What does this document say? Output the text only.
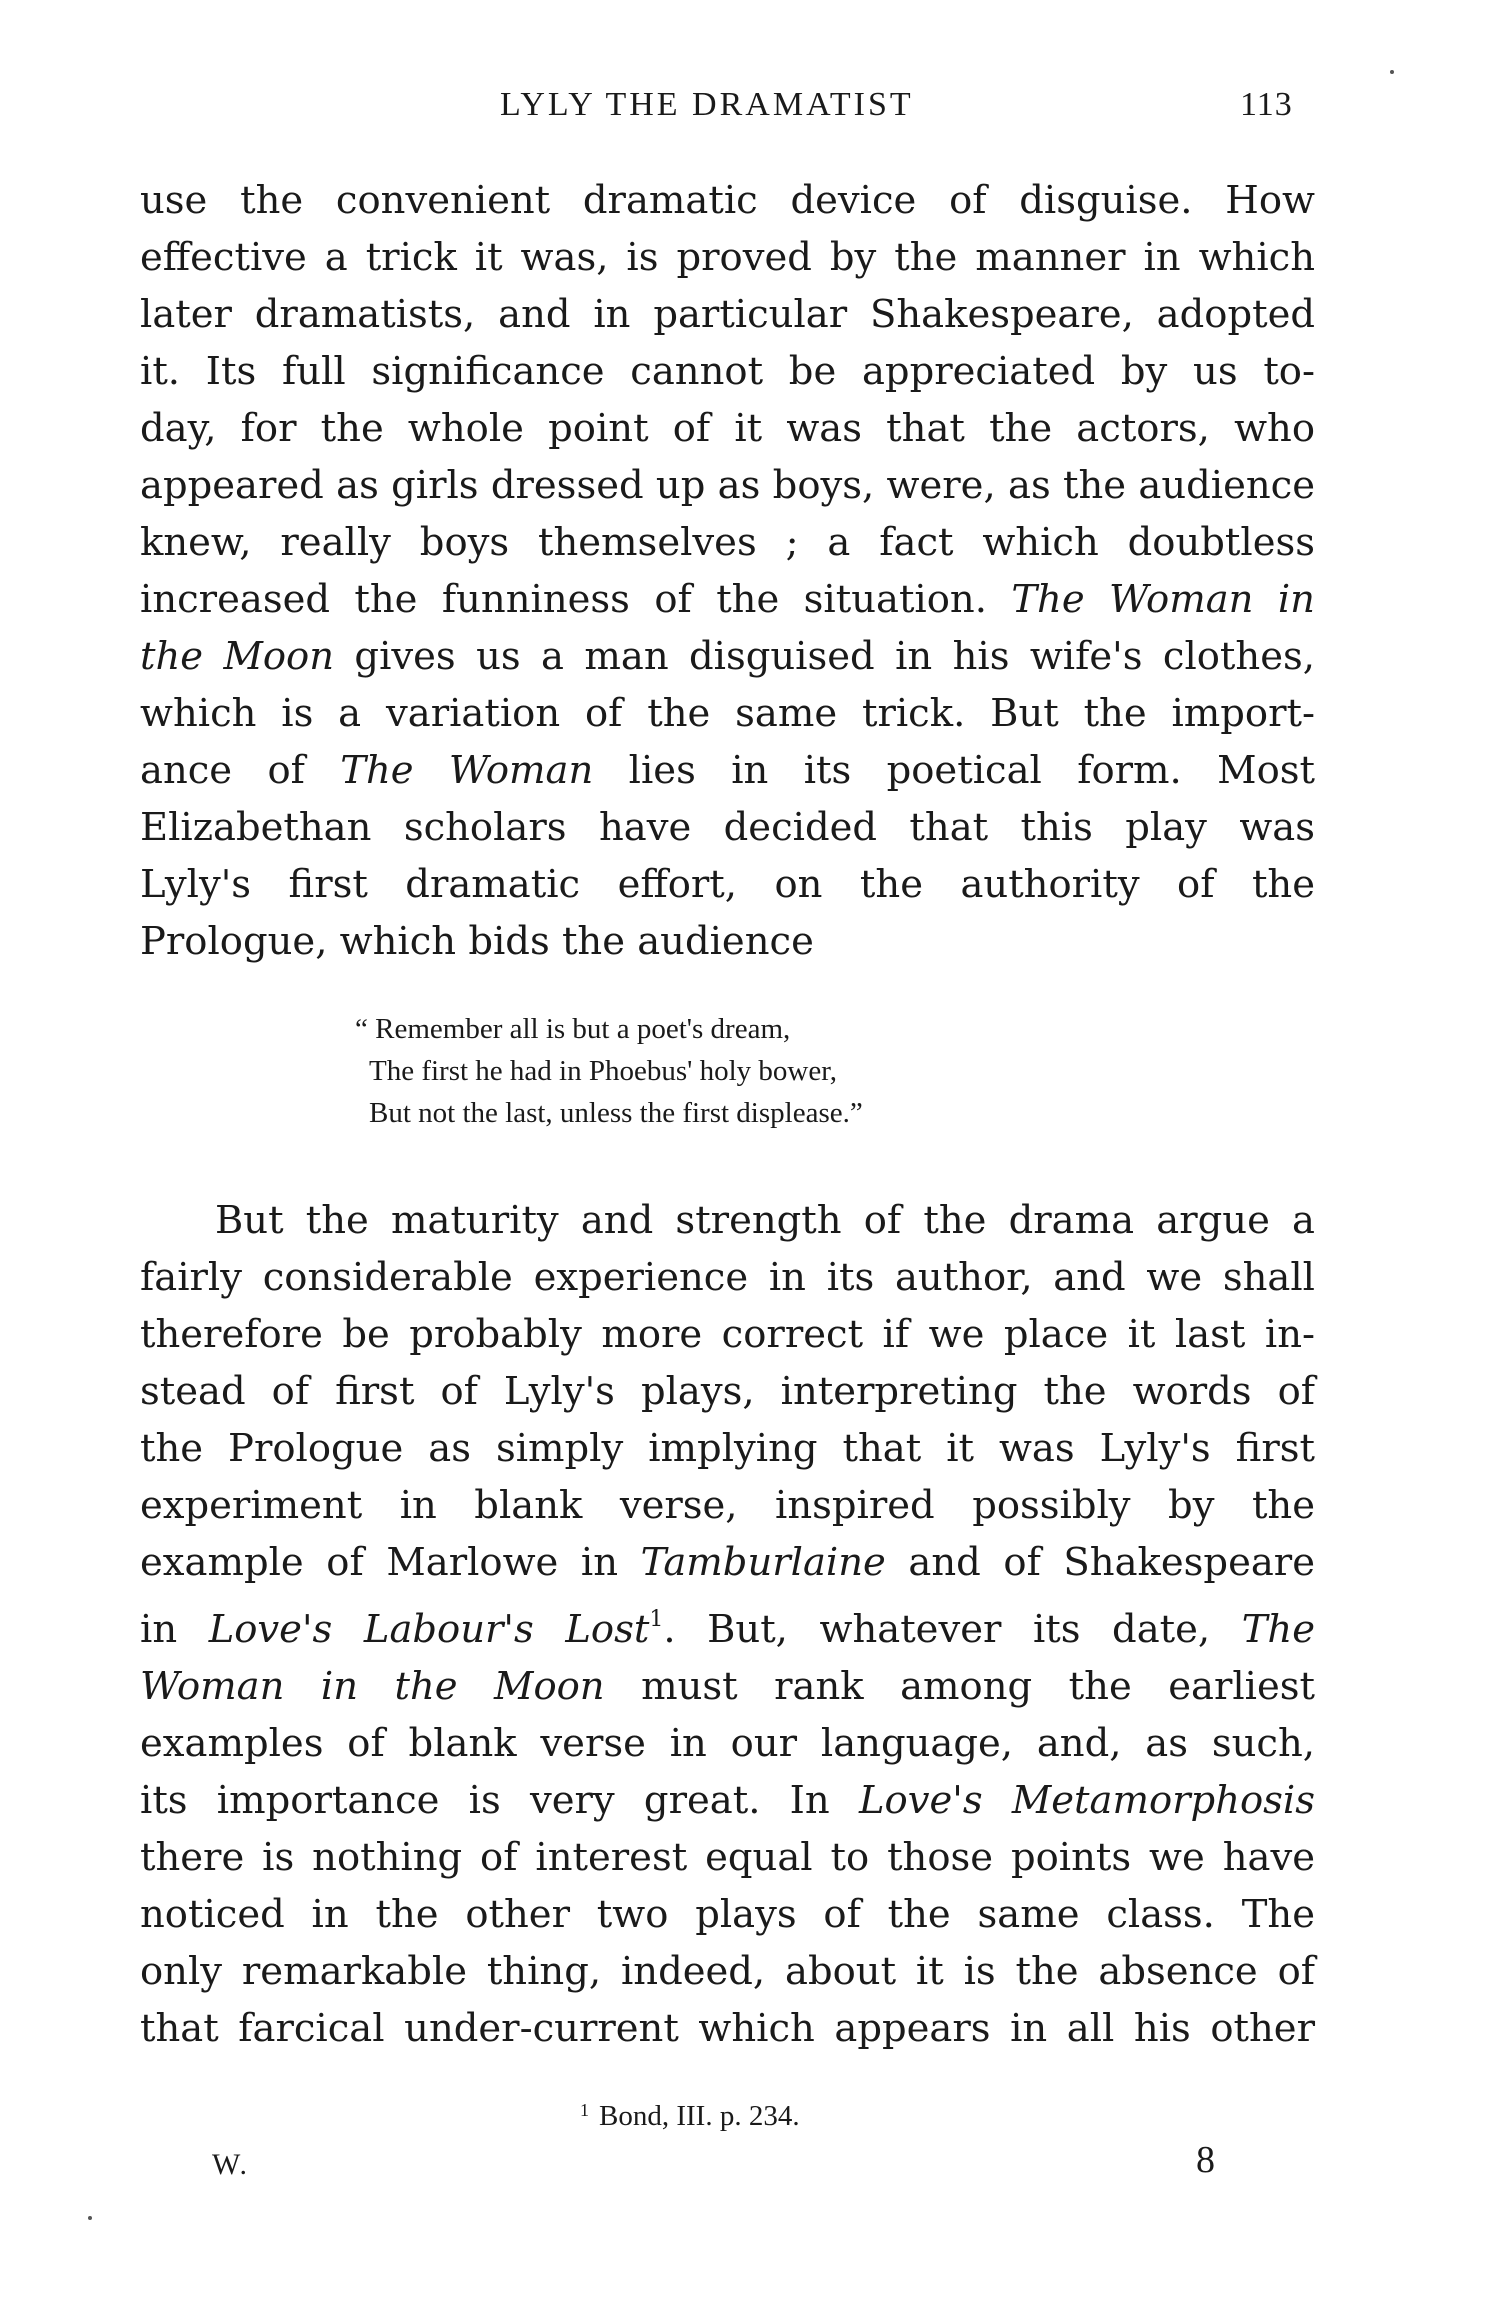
LYLY THE DRAMATIST	113
use the convenient dramatic device of disguise. How
effective a trick it was, is proved by the manner in which
later dramatists, and in particular Shakespeare, adopted
it. Its full significance cannot be appreciated by us to-
day, for the whole point of it was that the actors, who
appeared as girls dressed up as boys, were, as the audience
knew, really boys themselves ; a fact which doubtless
increased the funniness of the situation. The Woman in
the Moon gives us a man disguised in his wife's clothes,
which is a variation of the same trick. But the import-
ance of The Woman lies in its poetical form. Most
Elizabethan scholars have decided that this play was
Lyly's first dramatic effort, on the authority of the
Prologue, which bids the audience
“ Remember all is but a poet's dream,
The first he had in Phoebus' holy bower,
But not the last, unless the first displease.”
But the maturity and strength of the drama argue a
fairly considerable experience in its author, and we shall
therefore be probably more correct if we place it last in-
stead of first of Lyly's plays, interpreting the words of
the Prologue as simply implying that it was Lyly's first
experiment in blank verse, inspired possibly by the
example of Marlowe in Tamburlaine and of Shakespeare
in Love's Labour's Lost$^1$. But, whatever its date, The
Woman in the Moon must rank among the earliest
examples of blank verse in our language, and, as such,
its importance is very great. In Love's Metamorphosis
there is nothing of interest equal to those points we have
noticed in the other two plays of the same class. The
only remarkable thing, indeed, about it is the absence of
that farcical under-current which appears in all his other
$^1$ Bond, III. p. 234.
W.	8
